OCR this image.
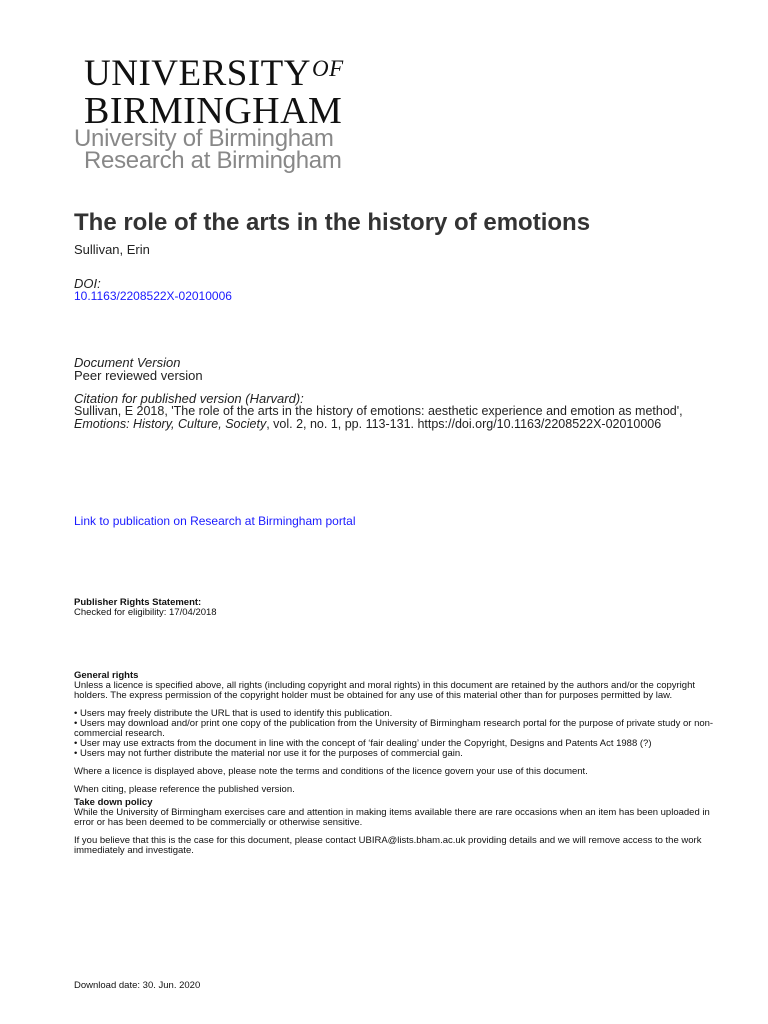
$UNIVERSITY^{OF}$
BIRMINGHAM
University of Birmingham
Research at Birmingham
The role of the arts in the history of emotions
Sullivan, Erin
DOI:
10.1163/2208522X-02010006
Document Version
Peer reviewed version
Citation for published version (Harvard):
Sullivan, E 2018, 'The role of the arts in the history of emotions: aesthetic experience and emotion as method',
Emotions: History, Culture, Society, vol. 2, no. 1, pp. 113-131. https://doi.org/10.1163/2208522X-02010006
Link to publication on Research at Birmingham portal
Publisher Rights Statement:
Checked for eligibility: 17/04/2018
General rights
Unless a licence is specified above, all rights (including copyright and moral rights) in this document are retained by the authors and/or the copyright holders. The express permission of the copyright holder must be obtained for any use of this material other than for purposes permitted by law.
• Users may freely distribute the URL that is used to identify this publication.
• Users may download and/or print one copy of the publication from the University of Birmingham research portal for the purpose of private study or non-commercial research.
• User may use extracts from the document in line with the concept of ‘fair dealing’ under the Copyright, Designs and Patents Act 1988 (?)
• Users may not further distribute the material nor use it for the purposes of commercial gain.
Where a licence is displayed above, please note the terms and conditions of the licence govern your use of this document.
When citing, please reference the published version.
Take down policy
While the University of Birmingham exercises care and attention in making items available there are rare occasions when an item has been uploaded in error or has been deemed to be commercially or otherwise sensitive.
If you believe that this is the case for this document, please contact UBIRA@lists.bham.ac.uk providing details and we will remove access to the work immediately and investigate.
Download date: 30. Jun. 2020
